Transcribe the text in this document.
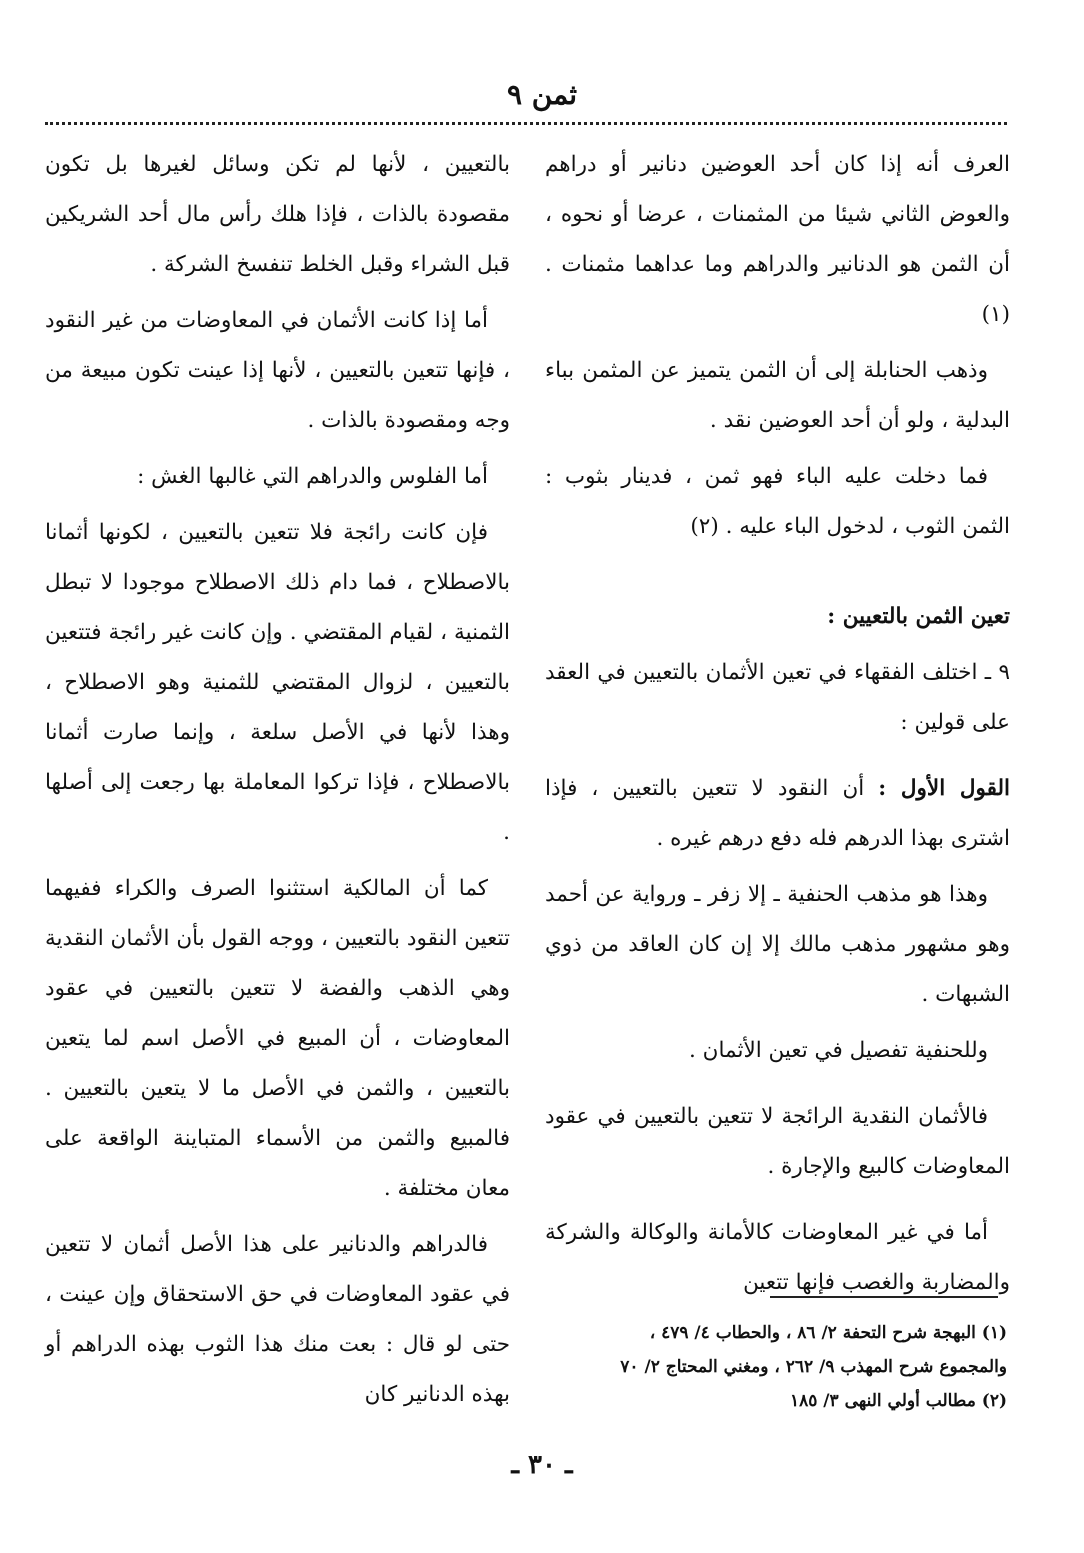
ثمن ٩

العرف أنه إذا كان أحد العوضين دنانير أو دراهم والعوض الثاني شيئا من المثمنات ، عرضا أو نحوه ، أن الثمن هو الدنانير والدراهم وما عداهما مثمنات . (١)

وذهب الحنابلة إلى أن الثمن يتميز عن المثمن بباء البدلية ، ولو أن أحد العوضين نقد .

فما دخلت عليه الباء فهو ثمن ، فدينار بثوب : الثمن الثوب ، لدخول الباء عليه . (٢)

تعين الثمن بالتعيين :

٩ ـ اختلف الفقهاء في تعين الأثمان بالتعيين في العقد على قولين :

القول الأول : أن النقود لا تتعين بالتعيين ، فإذا اشترى بهذا الدرهم فله دفع درهم غيره .

وهذا هو مذهب الحنفية ـ إلا زفر ـ ورواية عن أحمد وهو مشهور مذهب مالك إلا إن كان العاقد من ذوي الشبهات .

وللحنفية تفصيل في تعين الأثمان .

فالأثمان النقدية الرائجة لا تتعين بالتعيين في عقود المعاوضات كالبيع والإجارة .

أما في غير المعاوضات كالأمانة والوكالة والشركة والمضاربة والغصب فإنها تتعين

بالتعيين ، لأنها لم تكن وسائل لغيرها بل تكون مقصودة بالذات ، فإذا هلك رأس مال أحد الشريكين قبل الشراء وقبل الخلط تنفسخ الشركة .

أما إذا كانت الأثمان في المعاوضات من غير النقود ، فإنها تتعين بالتعيين ، لأنها إذا عينت تكون مبيعة من وجه ومقصودة بالذات .

أما الفلوس والدراهم التي غالبها الغش :

فإن كانت رائجة فلا تتعين بالتعيين ، لكونها أثمانا بالاصطلاح ، فما دام ذلك الاصطلاح موجودا لا تبطل الثمنية ، لقيام المقتضي . وإن كانت غير رائجة فتتعين بالتعيين ، لزوال المقتضي للثمنية وهو الاصطلاح ، وهذا لأنها في الأصل سلعة ، وإنما صارت أثمانا بالاصطلاح ، فإذا تركوا المعاملة بها رجعت إلى أصلها .

كما أن المالكية استثنوا الصرف والكراء ففيهما تتعين النقود بالتعيين ، ووجه القول بأن الأثمان النقدية وهي الذهب والفضة لا تتعين بالتعيين في عقود المعاوضات ، أن المبيع في الأصل اسم لما يتعين بالتعيين ، والثمن في الأصل ما لا يتعين بالتعيين . فالمبيع والثمن من الأسماء المتباينة الواقعة على معان مختلفة .

فالدراهم والدنانير على هذا الأصل أثمان لا تتعين في عقود المعاوضات في حق الاستحقاق وإن عينت ، حتى لو قال : بعت منك هذا الثوب بهذه الدراهم أو بهذه الدنانير كان

(١) البهجة شرح التحفة ٢/ ٨٦ ، والحطاب ٤/ ٤٧٩ ،
والمجموع شرح المهذب ٩/ ٢٦٢ ، ومغني المحتاج ٢/ ٧٠
(٢) مطالب أولي النهى ٣/ ١٨٥
ـ ٣٠ ـ
